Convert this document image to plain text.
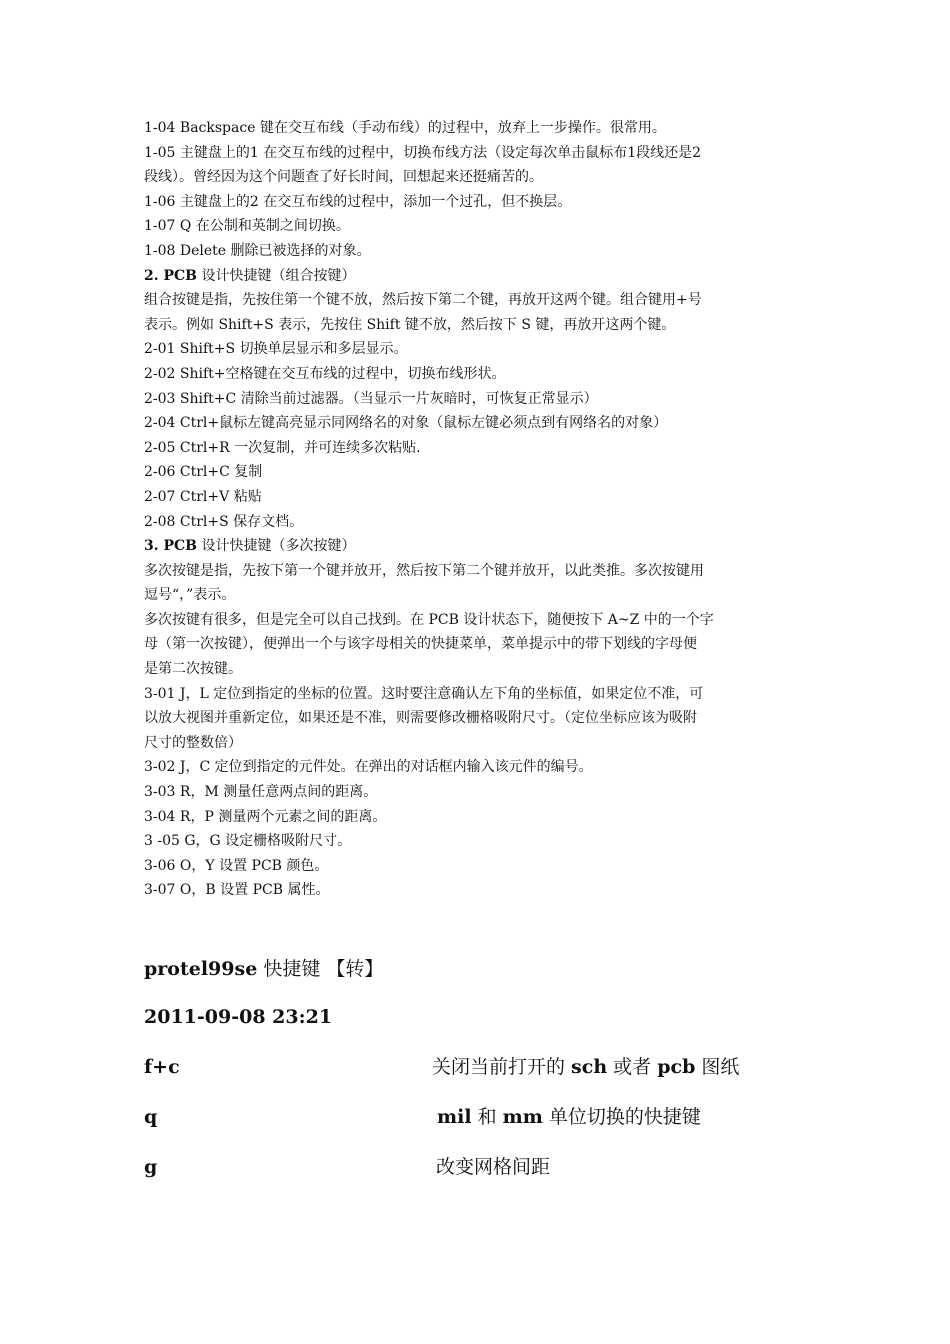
1-04 Backspace 键在交互布线（手动布线）的过程中，放弃上一步操作。很常用。
1-05 主键盘上的1 在交互布线的过程中，切换布线方法（设定每次单击鼠标布1段线还是2
段线）。曾经因为这个问题查了好长时间，回想起来还挺痛苦的。
1-06 主键盘上的2 在交互布线的过程中，添加一个过孔，但不换层。
1-07 Q 在公制和英制之间切换。
1-08 Delete 删除已被选择的对象。
2. PCB 设计快捷键（组合按键）
组合按键是指，先按住第一个键不放，然后按下第二个键，再放开这两个键。组合键用+号
表示。例如 Shift+S 表示，先按住 Shift 键不放，然后按下 S 键，再放开这两个键。
2-01 Shift+S 切换单层显示和多层显示。
2-02 Shift+空格键在交互布线的过程中，切换布线形状。
2-03 Shift+C 清除当前过滤器。（当显示一片灰暗时，可恢复正常显示）
2-04 Ctrl+鼠标左键高亮显示同网络名的对象（鼠标左键必须点到有网络名的对象）
2-05 Ctrl+R 一次复制，并可连续多次粘贴.
2-06 Ctrl+C 复制
2-07 Ctrl+V 粘贴
2-08 Ctrl+S 保存文档。
3. PCB 设计快捷键（多次按键）
多次按键是指，先按下第一个键并放开，然后按下第二个键并放开，以此类推。多次按键用
逗号“，”表示。
多次按键有很多，但是完全可以自己找到。在 PCB 设计状态下，随便按下 A~Z 中的一个字
母（第一次按键），便弹出一个与该字母相关的快捷菜单，菜单提示中的带下划线的字母便
是第二次按键。
3-01 J，L 定位到指定的坐标的位置。这时要注意确认左下角的坐标值，如果定位不准，可
以放大视图并重新定位，如果还是不准，则需要修改栅格吸附尺寸。（定位坐标应该为吸附
尺寸的整数倍）
3-02 J，C 定位到指定的元件处。在弹出的对话框内输入该元件的编号。
3-03 R，M 测量任意两点间的距离。
3-04 R，P 测量两个元素之间的距离。
3 -05 G，G 设定栅格吸附尺寸。
3-06 O，Y 设置 PCB 颜色。
3-07 O，B 设置 PCB 属性。
protel99se 快捷键 【转】
2011-09-08 23:21
f+c	关闭当前打开的 sch 或者 pcb 图纸
q	mil 和 mm 单位切换的快捷键
g	改变网格间距
